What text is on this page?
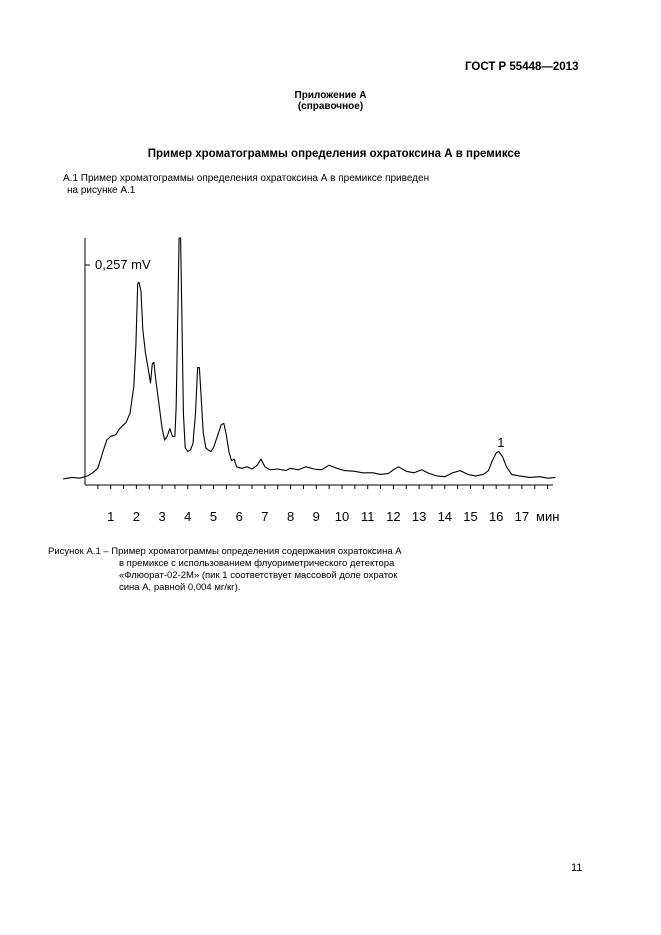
ГОСТ Р 55448—2013
Приложение А
(справочное)
Пример хроматограммы определения охратоксина А в премиксе
А.1 Пример хроматограммы определения охратоксина А в премиксе приведен
на рисунке А.1
0,257 mV
1 2 3 4 5 6 7 8 9 10 11 12 13 14 15 16 17 мин
1
Рисунок А.1 – Пример хроматограммы определения содержания охратоксина А
в премиксе с использованием флуориметрического детектора
«Флюорат-02-2М» (пик 1 соответствует массовой доле охраток
сина А, равной 0,004 мг/кг).
11
